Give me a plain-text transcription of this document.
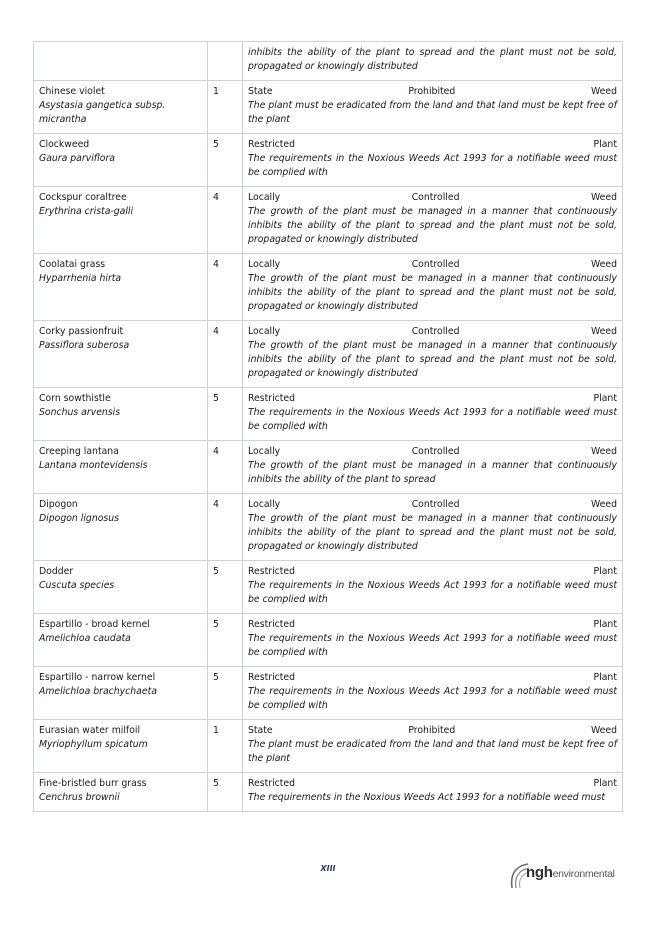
		inhibits the ability of the plant to spread and the plant must not be sold, propagated or knowingly distributed

Chinese violet
Asystasia gangetica subsp. micrantha	1	State Prohibited Weed
The plant must be eradicated from the land and that land must be kept free of the plant

Clockweed
Gaura parviflora	5	Restricted Plant
The requirements in the Noxious Weeds Act 1993 for a notifiable weed must be complied with

Cockspur coraltree
Erythrina crista-galli	4	Locally Controlled Weed
The growth of the plant must be managed in a manner that continuously inhibits the ability of the plant to spread and the plant must not be sold, propagated or knowingly distributed

Coolatai grass
Hyparrhenia hirta	4	Locally Controlled Weed
The growth of the plant must be managed in a manner that continuously inhibits the ability of the plant to spread and the plant must not be sold, propagated or knowingly distributed

Corky passionfruit
Passiflora suberosa	4	Locally Controlled Weed
The growth of the plant must be managed in a manner that continuously inhibits the ability of the plant to spread and the plant must not be sold, propagated or knowingly distributed

Corn sowthistle
Sonchus arvensis	5	Restricted Plant
The requirements in the Noxious Weeds Act 1993 for a notifiable weed must be complied with

Creeping lantana
Lantana montevidensis	4	Locally Controlled Weed
The growth of the plant must be managed in a manner that continuously inhibits the ability of the plant to spread

Dipogon
Dipogon lignosus	4	Locally Controlled Weed
The growth of the plant must be managed in a manner that continuously inhibits the ability of the plant to spread and the plant must not be sold, propagated or knowingly distributed

Dodder
Cuscuta species	5	Restricted Plant
The requirements in the Noxious Weeds Act 1993 for a notifiable weed must be complied with

Espartillo - broad kernel
Amelichloa caudata	5	Restricted Plant
The requirements in the Noxious Weeds Act 1993 for a notifiable weed must be complied with

Espartillo - narrow kernel
Amelichloa brachychaeta	5	Restricted Plant
The requirements in the Noxious Weeds Act 1993 for a notifiable weed must be complied with

Eurasian water milfoil
Myriophyllum spicatum	1	State Prohibited Weed
The plant must be eradicated from the land and that land must be kept free of the plant

Fine-bristled burr grass
Cenchrus brownii	5	Restricted Plant
The requirements in the Noxious Weeds Act 1993 for a notifiable weed must
XIII	nghenvironmental
